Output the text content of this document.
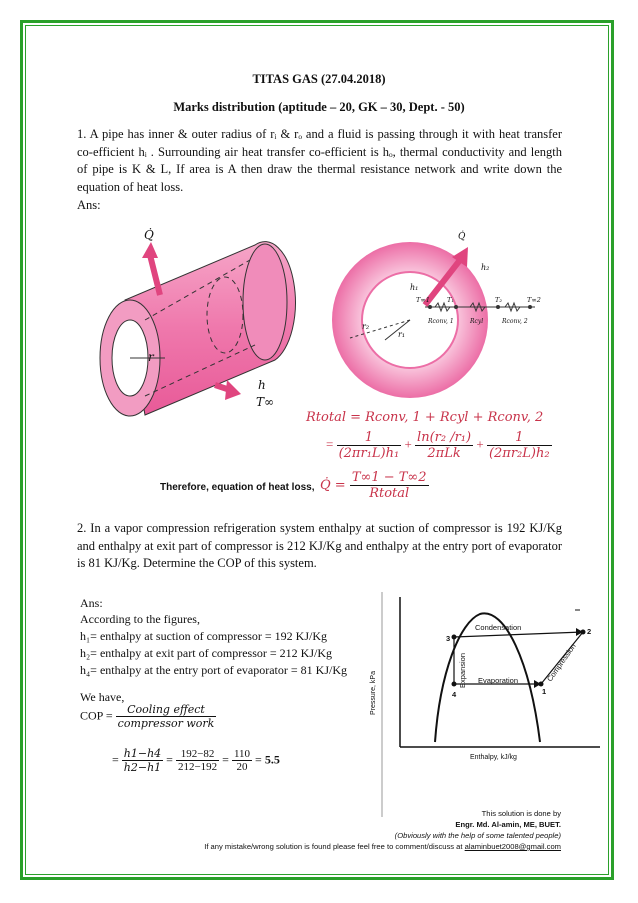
TITAS GAS (27.04.2018)
Marks distribution (aptitude – 20, GK – 30, Dept. - 50)
1. A pipe has inner & outer radius of rᵢ & rₒ and a fluid is passing through it with heat transfer co-efficient hᵢ . Surrounding air heat transfer co-efficient is hₒ, thermal conductivity and length of pipe is K & L, If area is A then draw the thermal resistance network and write down the equation of heat loss.
Ans:
Q̇
r
h
T∞
Q̇
h₂
h₁
r₁
r₂
T∞1	T₁	T₂	T∞2
Rconv, 1	Rcyl	Rconv, 2
Rtotal = Rconv, 1 + Rcyl + Rconv, 2
= $\frac{1}{\text{(2πr₁L)h₁}} + \frac{\text{ln(r₂ /r₁)}}{\text{2πLk}} + \frac{1}{\text{(2πr₂L)h₂}}$
Therefore, equation of heat loss, Q̇ = $\frac{T\infty 1 - T\infty 2}{\text{Rtotal}}$
2. In a vapor compression refrigeration system enthalpy at suction of compressor is 192 KJ/Kg and enthalpy at exit part of compressor is 212 KJ/Kg and enthalpy at the entry port of evaporator is 81 KJ/Kg. Determine the COP of this system.
Ans:
According to the figures,
h₁= enthalpy at suction of compressor = 192 KJ/Kg
h₂= enthalpy at exit part of compressor = 212 KJ/Kg
h₄= enthalpy at the entry port of evaporator = 81 KJ/Kg
We have,
COP = $\frac{\text{Cooling effect}}{\text{compressor work}}$
= $\frac{h1-h4}{h2-h1} = \frac{192-82}{212-192} = \frac{110}{20} = 5.5$
Pressure, kPa
Enthalpy, kJ/kg
Condensation
Evaporation
Expansion	Compression
1
2
3
4
This solution is done by
Engr. Md. Al-amin, ME, BUET.
(Obviously with the help of some talented people)
If any mistake/wrong solution is found please feel free to comment/discuss at alaminbuet2008@gmail.com
